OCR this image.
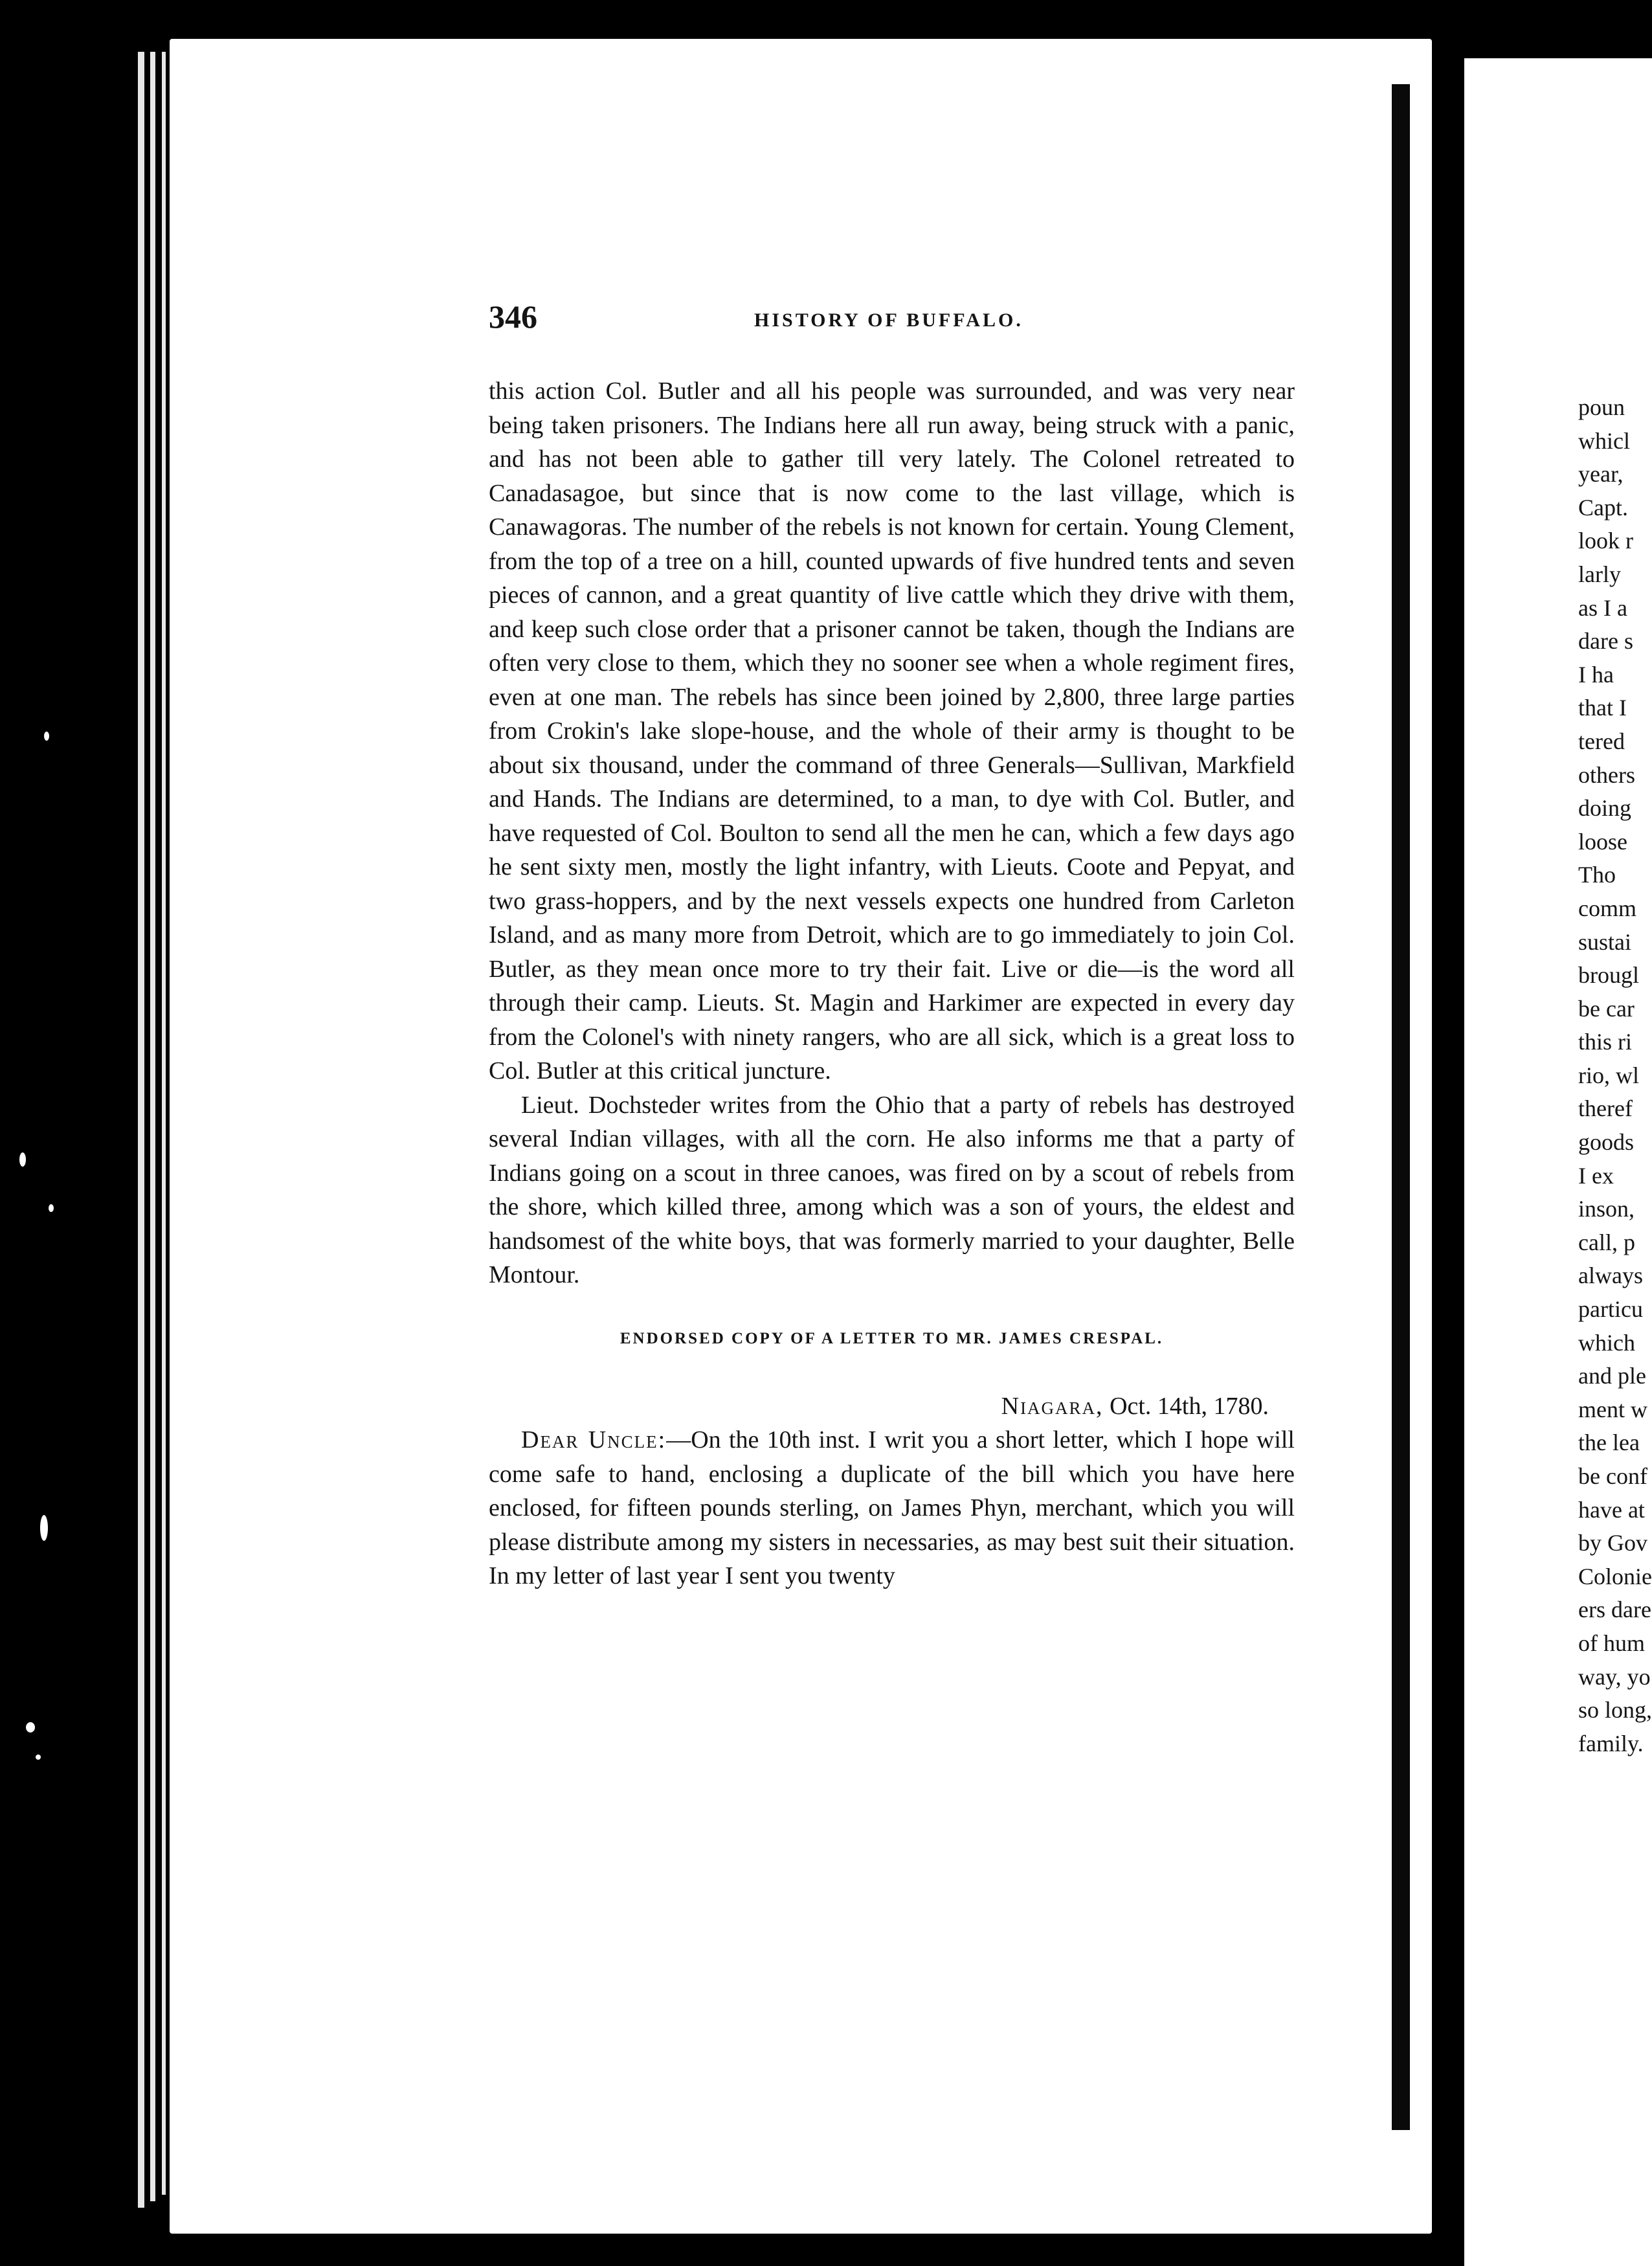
346	HISTORY OF BUFFALO.

this action Col. Butler and all his people was surrounded, and was very near being taken prisoners. The Indians here all run away, being struck with a panic, and has not been able to gather till very lately. The Colonel retreated to Canadasagoe, but since that is now come to the last village, which is Canawagoras. The number of the rebels is not known for certain. Young Clement, from the top of a tree on a hill, counted upwards of five hundred tents and seven pieces of cannon, and a great quantity of live cattle which they drive with them, and keep such close order that a prisoner cannot be taken, though the Indians are often very close to them, which they no sooner see when a whole regiment fires, even at one man. The rebels has since been joined by 2,800, three large parties from Crokin's lake slope-house, and the whole of their army is thought to be about six thousand, under the command of three Generals—Sullivan, Markfield and Hands. The Indians are determined, to a man, to dye with Col. Butler, and have requested of Col. Boulton to send all the men he can, which a few days ago he sent sixty men, mostly the light infantry, with Lieuts. Coote and Pepyat, and two grass-hoppers, and by the next vessels expects one hundred from Carleton Island, and as many more from Detroit, which are to go immediately to join Col. Butler, as they mean once more to try their fait. Live or die—is the word all through their camp. Lieuts. St. Magin and Harkimer are expected in every day from the Colonel's with ninety rangers, who are all sick, which is a great loss to Col. Butler at this critical juncture.

Lieut. Dochsteder writes from the Ohio that a party of rebels has destroyed several Indian villages, with all the corn. He also informs me that a party of Indians going on a scout in three canoes, was fired on by a scout of rebels from the shore, which killed three, among which was a son of yours, the eldest and handsomest of the white boys, that was formerly married to your daughter, Belle Montour.

ENDORSED COPY OF A LETTER TO MR. JAMES CRESPAL.

Niagara, Oct. 14th, 1780.

Dear Uncle:—On the 10th inst. I writ you a short letter, which I hope will come safe to hand, enclosing a duplicate of the bill which you have here enclosed, for fifteen pounds sterling, on James Phyn, merchant, which you will please distribute among my sisters in necessaries, as may best suit their situation. In my letter of last year I sent you twenty

poun
whicl
year,
Capt.
look r
larly
as I a
dare s
I ha
that I
tered
others
doing
loose
Tho
comm
sustai
brougl
be car
this ri
rio, wl
theref
goods
I ex
inson,
call, p
always
particu
which
and ple
ment w
the lea
be conf
have at
by Gov
Colonie
ers dare
of hum
way, yo
so long,
family.
